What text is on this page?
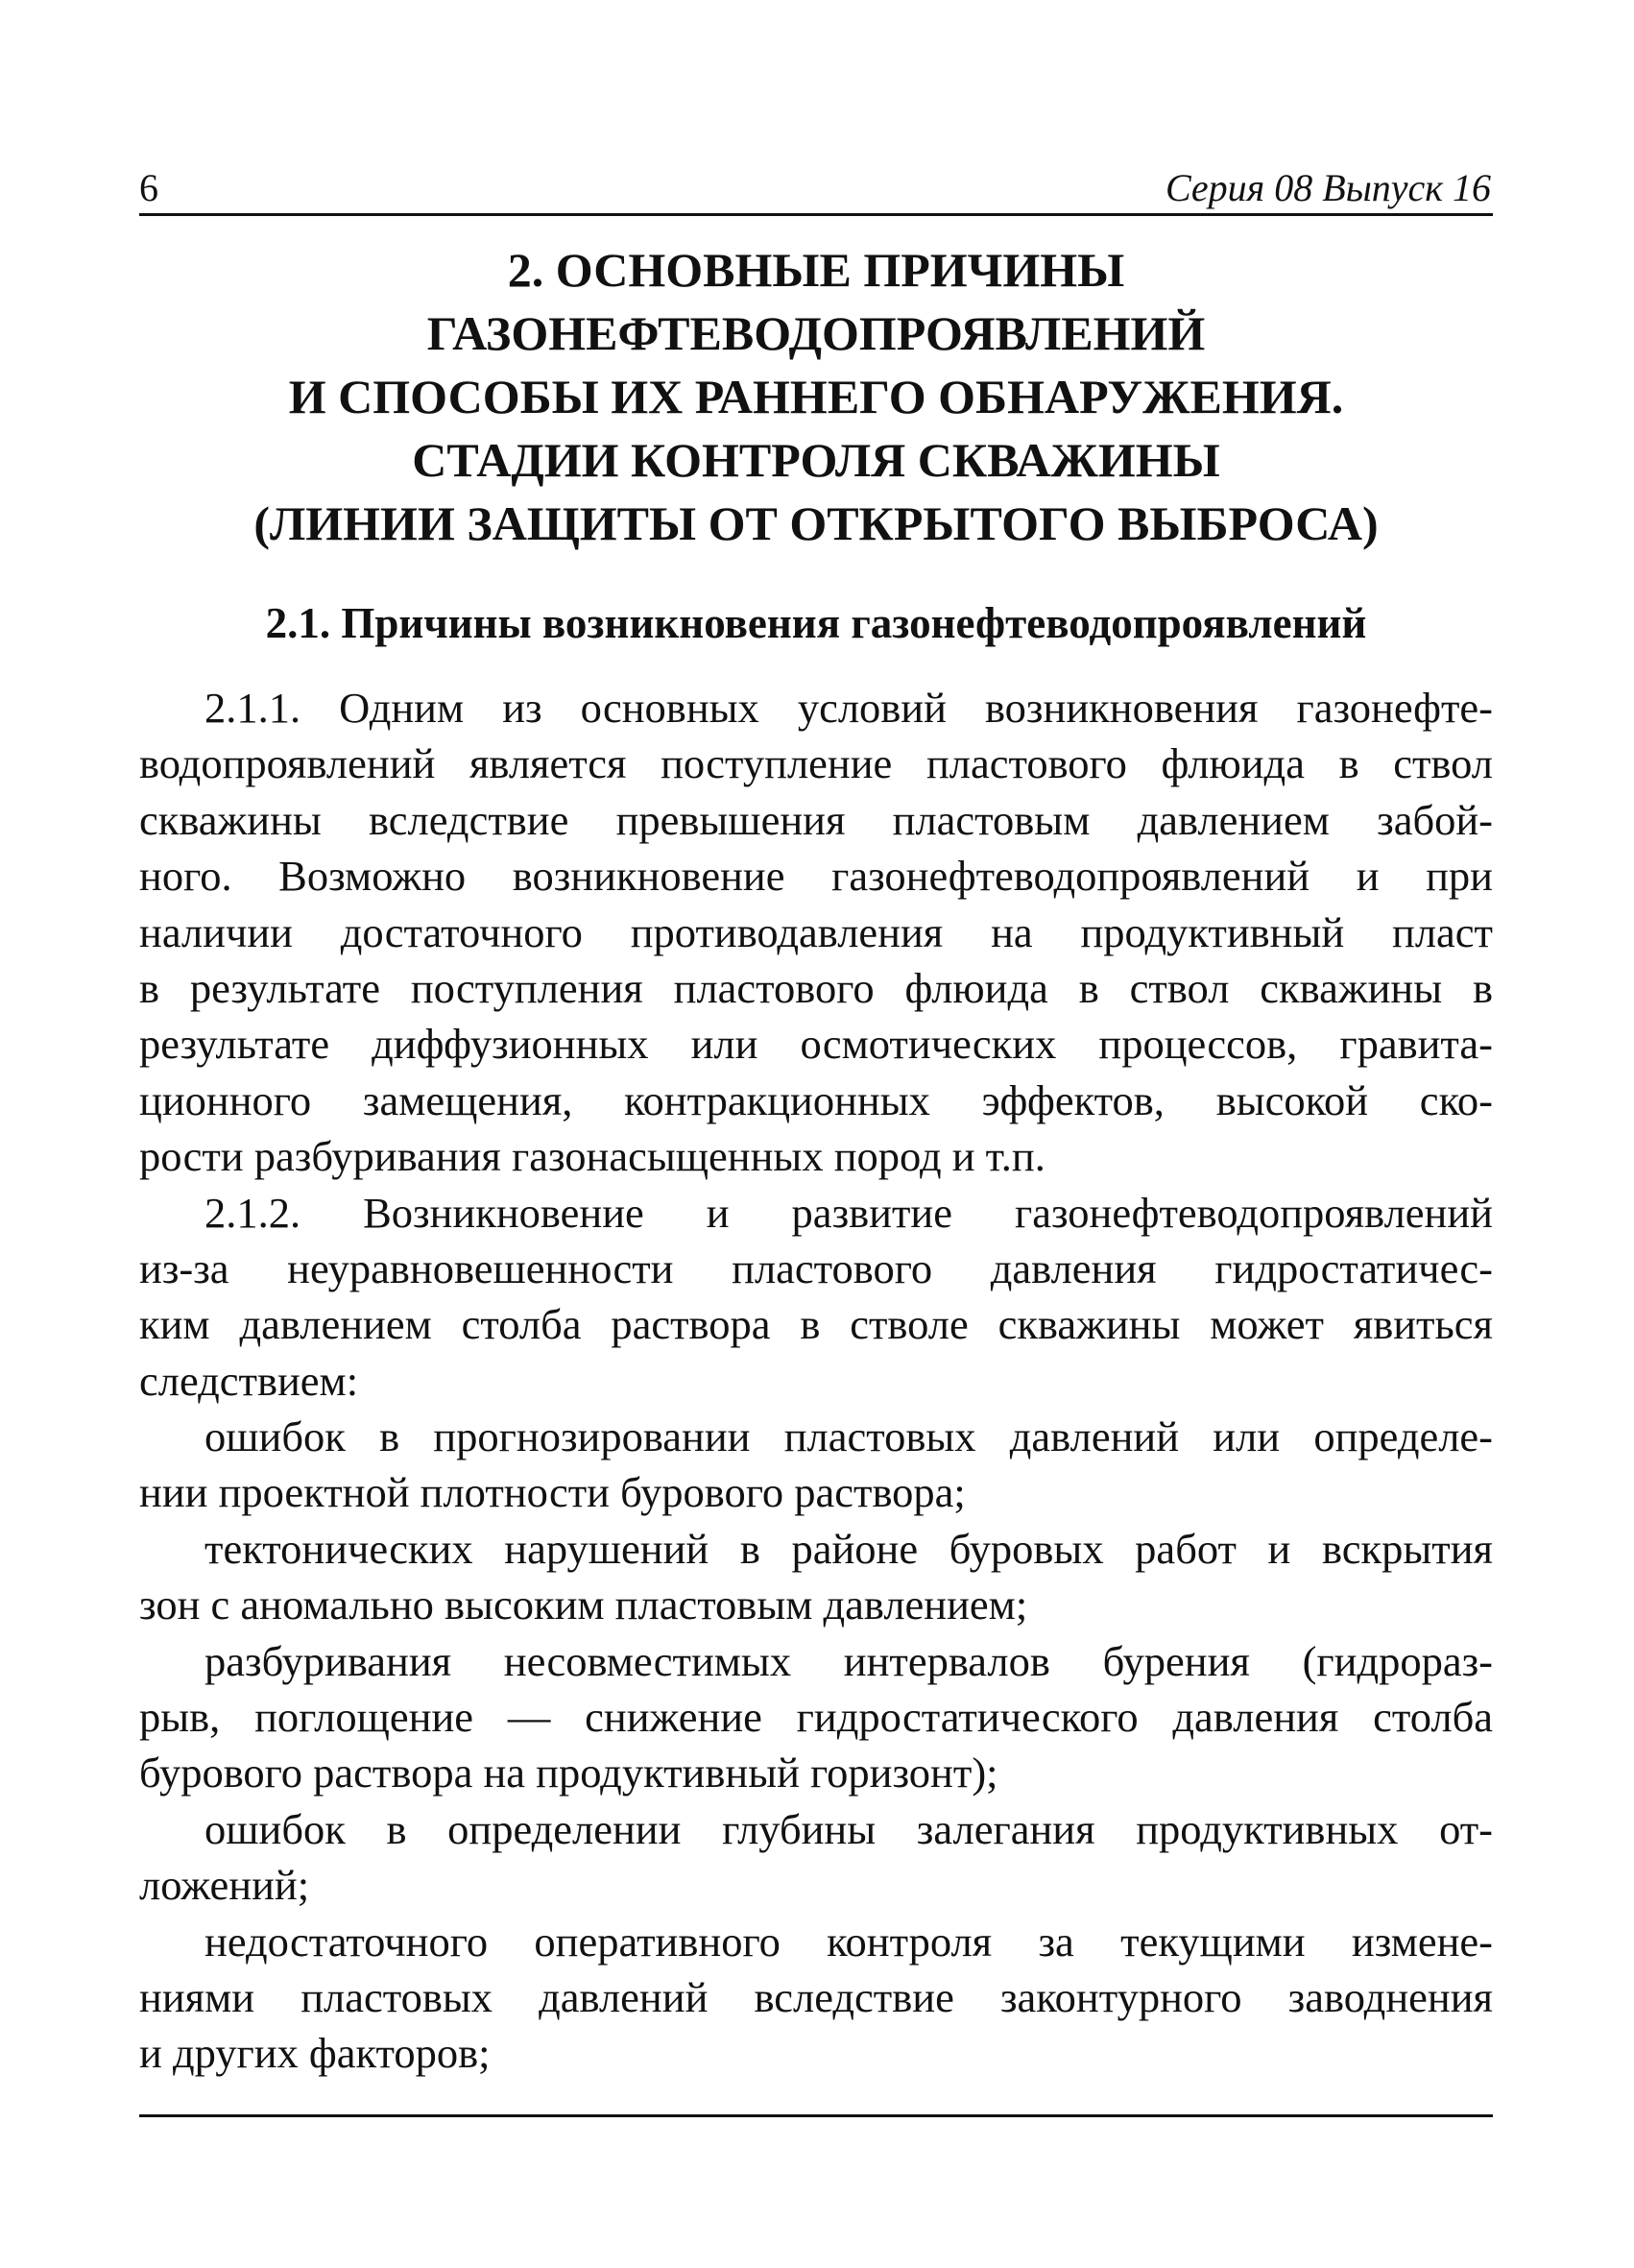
6	Серия 08 Выпуск 16
2. ОСНОВНЫЕ ПРИЧИНЫ
ГАЗОНЕФТЕВОДОПРОЯВЛЕНИЙ
И СПОСОБЫ ИХ РАННЕГО ОБНАРУЖЕНИЯ.
СТАДИИ КОНТРОЛЯ СКВАЖИНЫ
(ЛИНИИ ЗАЩИТЫ ОТ ОТКРЫТОГО ВЫБРОСА)
2.1. Причины возникновения газонефтеводопроявлений
2.1.1. Одним из основных условий возникновения газонефте-
водопроявлений является поступление пластового флюида в ствол
скважины вследствие превышения пластовым давлением забой-
ного. Возможно возникновение газонефтеводопроявлений и при
наличии достаточного противодавления на продуктивный пласт
в результате поступления пластового флюида в ствол скважины в
результате диффузионных или осмотических процессов, гравита-
ционного замещения, контракционных эффектов, высокой ско-
рости разбуривания газонасыщенных пород и т.п.
2.1.2. Возникновение и развитие газонефтеводопроявлений
из-за неуравновешенности пластового давления гидростатичес-
ким давлением столба раствора в стволе скважины может явиться
следствием:
ошибок в прогнозировании пластовых давлений или определе-
нии проектной плотности бурового раствора;
тектонических нарушений в районе буровых работ и вскрытия
зон с аномально высоким пластовым давлением;
разбуривания несовместимых интервалов бурения (гидрораз-
рыв, поглощение — снижение гидростатического давления столба
бурового раствора на продуктивный горизонт);
ошибок в определении глубины залегания продуктивных от-
ложений;
недостаточного оперативного контроля за текущими измене-
ниями пластовых давлений вследствие законтурного заводнения
и других факторов;
